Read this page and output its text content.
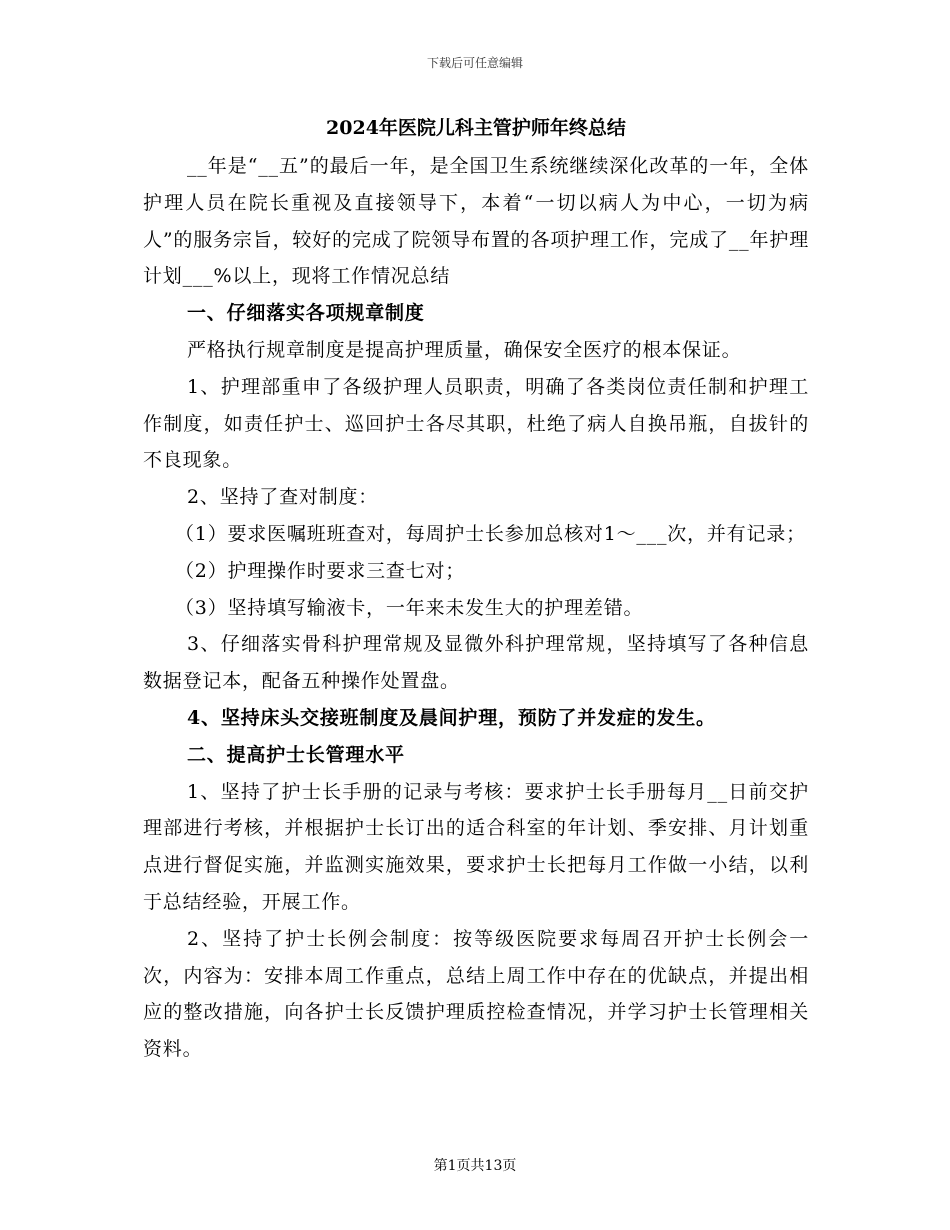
下载后可任意编辑
2024年医院儿科主管护师年终总结

__年是“__五”的最后一年，是全国卫生系统继续深化改革的一年，全体护理人员在院长重视及直接领导下，本着“一切以病人为中心，一切为病人”的服务宗旨，较好的完成了院领导布置的各项护理工作，完成了__年护理计划___%以上，现将工作情况总结

一、仔细落实各项规章制度

严格执行规章制度是提高护理质量，确保安全医疗的根本保证。

1、护理部重申了各级护理人员职责，明确了各类岗位责任制和护理工作制度，如责任护士、巡回护士各尽其职，杜绝了病人自换吊瓶，自拔针的不良现象。

2、坚持了查对制度：

（1）要求医嘱班班查对，每周护士长参加总核对1～___次，并有记录；

（2）护理操作时要求三查七对；

（3）坚持填写输液卡，一年来未发生大的护理差错。

3、仔细落实骨科护理常规及显微外科护理常规，坚持填写了各种信息数据登记本，配备五种操作处置盘。

4、坚持床头交接班制度及晨间护理，预防了并发症的发生。

二、提高护士长管理水平

1、坚持了护士长手册的记录与考核：要求护士长手册每月__日前交护理部进行考核，并根据护士长订出的适合科室的年计划、季安排、月计划重点进行督促实施，并监测实施效果，要求护士长把每月工作做一小结，以利于总结经验，开展工作。

2、坚持了护士长例会制度：按等级医院要求每周召开护士长例会一次，内容为：安排本周工作重点，总结上周工作中存在的优缺点，并提出相应的整改措施，向各护士长反馈护理质控检查情况，并学习护士长管理相关资料。

第1页共13页
